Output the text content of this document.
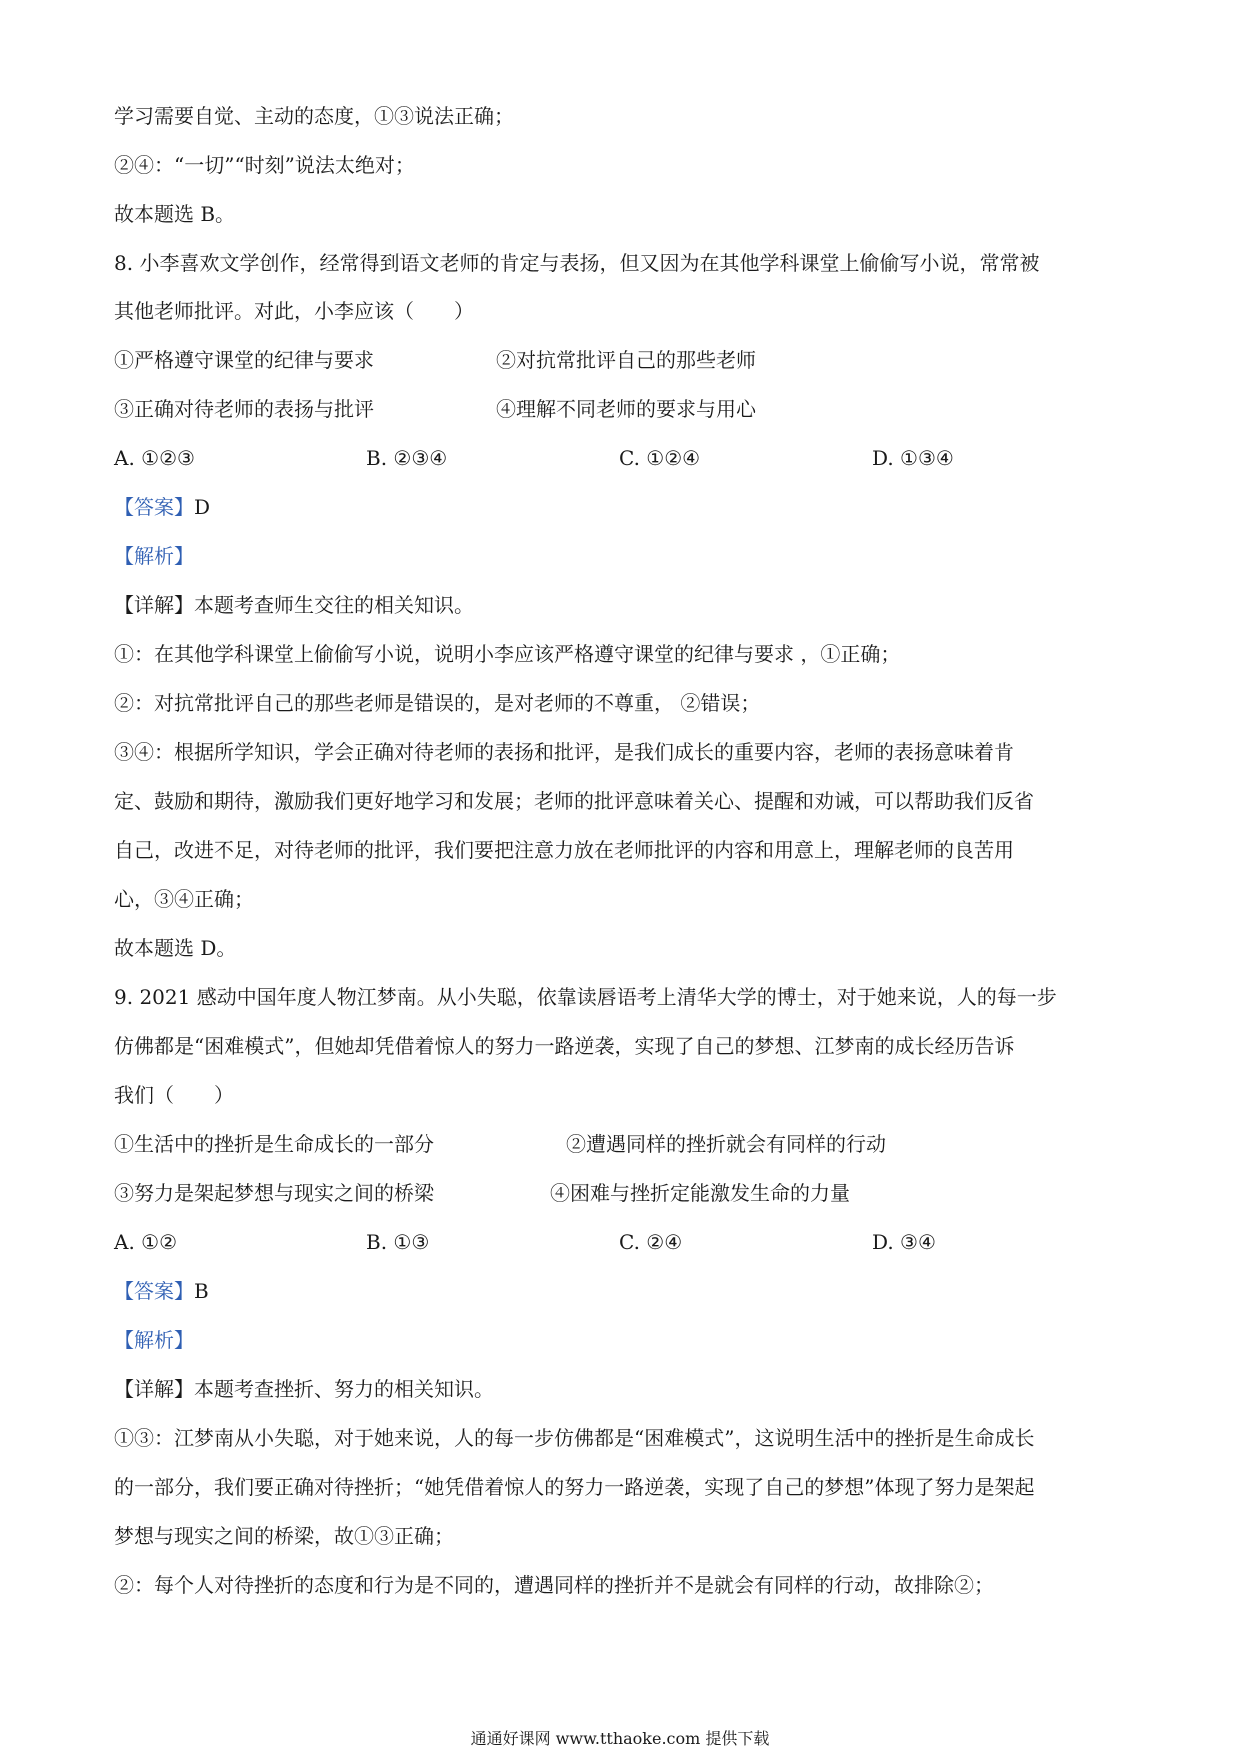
学习需要自觉、主动的态度，①③说法正确；
②④：“一切”“时刻”说法太绝对；
故本题选 B。
8. 小李喜欢文学创作，经常得到语文老师的肯定与表扬，但又因为在其他学科课堂上偷偷写小说，常常被
其他老师批评。对此，小李应该（　　）
①严格遵守课堂的纪律与要求	②对抗常批评自己的那些老师
③正确对待老师的表扬与批评	④理解不同老师的要求与用心
A. ①②③	B. ②③④	C. ①②④	D. ①③④
【答案】D
【解析】
【详解】本题考查师生交往的相关知识。
①：在其他学科课堂上偷偷写小说，说明小李应该严格遵守课堂的纪律与要求 ，①正确；
②：对抗常批评自己的那些老师是错误的，是对老师的不尊重， ②错误；
③④：根据所学知识，学会正确对待老师的表扬和批评，是我们成长的重要内容，老师的表扬意味着肯
定、鼓励和期待，激励我们更好地学习和发展；老师的批评意味着关心、提醒和劝诫，可以帮助我们反省
自己，改进不足，对待老师的批评，我们要把注意力放在老师批评的内容和用意上，理解老师的良苦用
心，③④正确；
故本题选 D。
9. 2021 感动中国年度人物江梦南。从小失聪，依靠读唇语考上清华大学的博士，对于她来说，人的每一步
仿佛都是“困难模式”，但她却凭借着惊人的努力一路逆袭，实现了自己的梦想、江梦南的成长经历告诉
我们（　　）
①生活中的挫折是生命成长的一部分	②遭遇同样的挫折就会有同样的行动
③努力是架起梦想与现实之间的桥梁	④困难与挫折定能激发生命的力量
A. ①②	B. ①③	C. ②④	D. ③④
【答案】B
【解析】
【详解】本题考查挫折、努力的相关知识。
①③：江梦南从小失聪，对于她来说，人的每一步仿佛都是“困难模式”，这说明生活中的挫折是生命成长
的一部分，我们要正确对待挫折；“她凭借着惊人的努力一路逆袭，实现了自己的梦想”体现了努力是架起
梦想与现实之间的桥梁，故①③正确；
②：每个人对待挫折的态度和行为是不同的，遭遇同样的挫折并不是就会有同样的行动，故排除②；
通通好课网 www.tthaoke.com 提供下载
